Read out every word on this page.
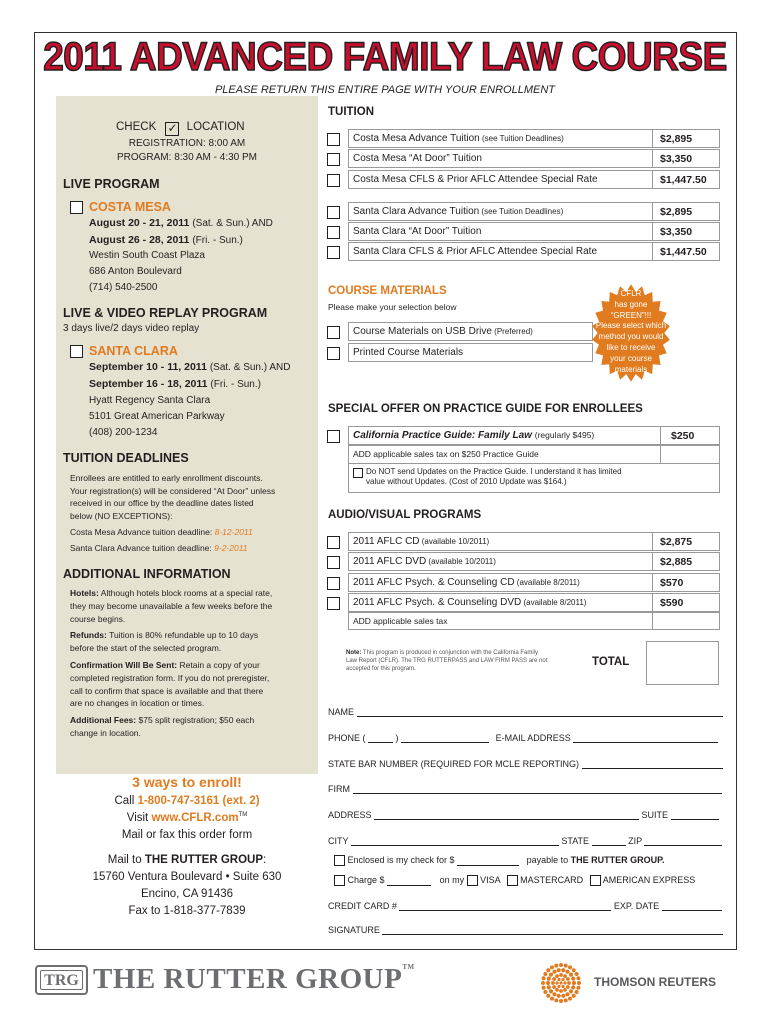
2011 ADVANCED FAMILY LAW COURSE
PLEASE RETURN THIS ENTIRE PAGE WITH YOUR ENROLLMENT
CHECK ✓ LOCATION
REGISTRATION: 8:00 AM
PROGRAM: 8:30 AM - 4:30 PM
LIVE PROGRAM
COSTA MESA
August 20 - 21, 2011 (Sat. & Sun.) AND
August 26 - 28, 2011 (Fri. - Sun.)
Westin South Coast Plaza
686 Anton Boulevard
(714) 540-2500
LIVE & VIDEO REPLAY PROGRAM
3 days live/2 days video replay
SANTA CLARA
September 10 - 11, 2011 (Sat. & Sun.) AND
September 16 - 18, 2011 (Fri. - Sun.)
Hyatt Regency Santa Clara
5101 Great American Parkway
(408) 200-1234
TUITION DEADLINES
Enrollees are entitled to early enrollment discounts.
Your registration(s) will be considered “At Door” unless
received in our office by the deadline dates listed
below (NO EXCEPTIONS):
Costa Mesa Advance tuition deadline: 8-12-2011
Santa Clara Advance tuition deadline: 9-2-2011
ADDITIONAL INFORMATION
Hotels: Although hotels block rooms at a special rate,
they may become unavailable a few weeks before the
course begins.
Refunds: Tuition is 80% refundable up to 10 days
before the start of the selected program.
Confirmation Will Be Sent: Retain a copy of your
completed registration form. If you do not preregister,
call to confirm that space is available and that there
are no changes in location or times.
Additional Fees: $75 split registration; $50 each
change in location.
3 ways to enroll!
Call 1-800-747-3161 (ext. 2)
Visit www.CFLR.com™
Mail or fax this order form
Mail to THE RUTTER GROUP:
15760 Ventura Boulevard • Suite 630
Encino, CA 91436
Fax to 1-818-377-7839
TUITION
Costa Mesa Advance Tuition (see Tuition Deadlines)	$2,895
Costa Mesa “At Door” Tuition	$3,350
Costa Mesa CFLS & Prior AFLC Attendee Special Rate	$1,447.50
Santa Clara Advance Tuition (see Tuition Deadlines)	$2,895
Santa Clara “At Door” Tuition	$3,350
Santa Clara CFLS & Prior AFLC Attendee Special Rate	$1,447.50
COURSE MATERIALS
Please make your selection below
Course Materials on USB Drive (Preferred)
Printed Course Materials
CFLR
has gone
“GREEN”!!!
Please select which
method you would
like to receive
your course
materials
SPECIAL OFFER ON PRACTICE GUIDE FOR ENROLLEES
California Practice Guide: Family Law (regularly $495)	$250
ADD applicable sales tax on $250 Practice Guide
Do NOT send Updates on the Practice Guide. I understand it has limited
value without Updates. (Cost of 2010 Update was $164.)
AUDIO/VISUAL PROGRAMS
2011 AFLC CD (available 10/2011)	$2,875
2011 AFLC DVD (available 10/2011)	$2,885
2011 AFLC Psych. & Counseling CD (available 8/2011)	$570
2011 AFLC Psych. & Counseling DVD (available 8/2011)	$590
ADD applicable sales tax
Note: This program is produced in conjunction with the California Family
Law Report (CFLR). The TRG RUTTERPASS and LAW FIRM PASS are not
accepted for this program.
TOTAL
NAME
PHONE (	)	E-MAIL ADDRESS
STATE BAR NUMBER (REQUIRED FOR MCLE REPORTING)
FIRM
ADDRESS	SUITE
CITY	STATE	ZIP
Enclosed is my check for $	payable to THE RUTTER GROUP.
Charge $	on my VISA MASTERCARD AMERICAN EXPRESS
CREDIT CARD #	EXP. DATE
SIGNATURE
TRG THE RUTTER GROUP™
THOMSON REUTERS
